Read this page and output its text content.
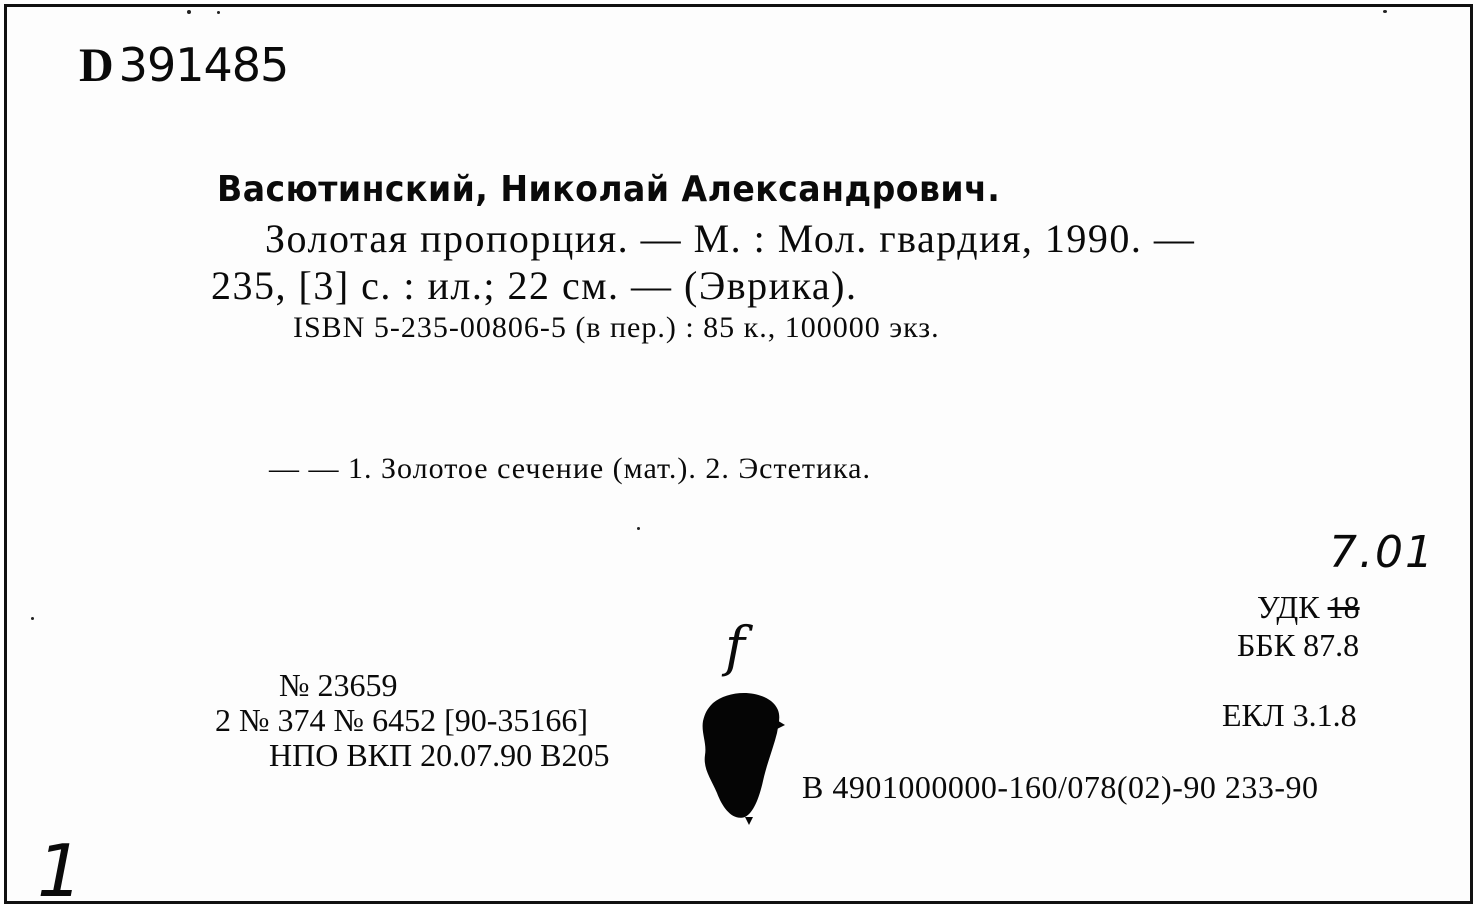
D 391485
Васютинский, Николай Александрович.
Золотая пропорция. — М. : Мол. гвардия, 1990. —
235, [3] с. : ил.; 22 см. — (Эврика).
ISBN 5-235-00806-5 (в пер.) : 85 к., 100000 экз.
— — 1. Золотое сечение (мат.). 2. Эстетика.
7.01
УДК 18
ББК 87.8
ЕКЛ 3.1.8
В 4901000000-160/078(02)-90 233-90
№ 23659
2 № 374 № 6452 [90-35166]
НПО ВКП 20.07.90 В205
f
1
